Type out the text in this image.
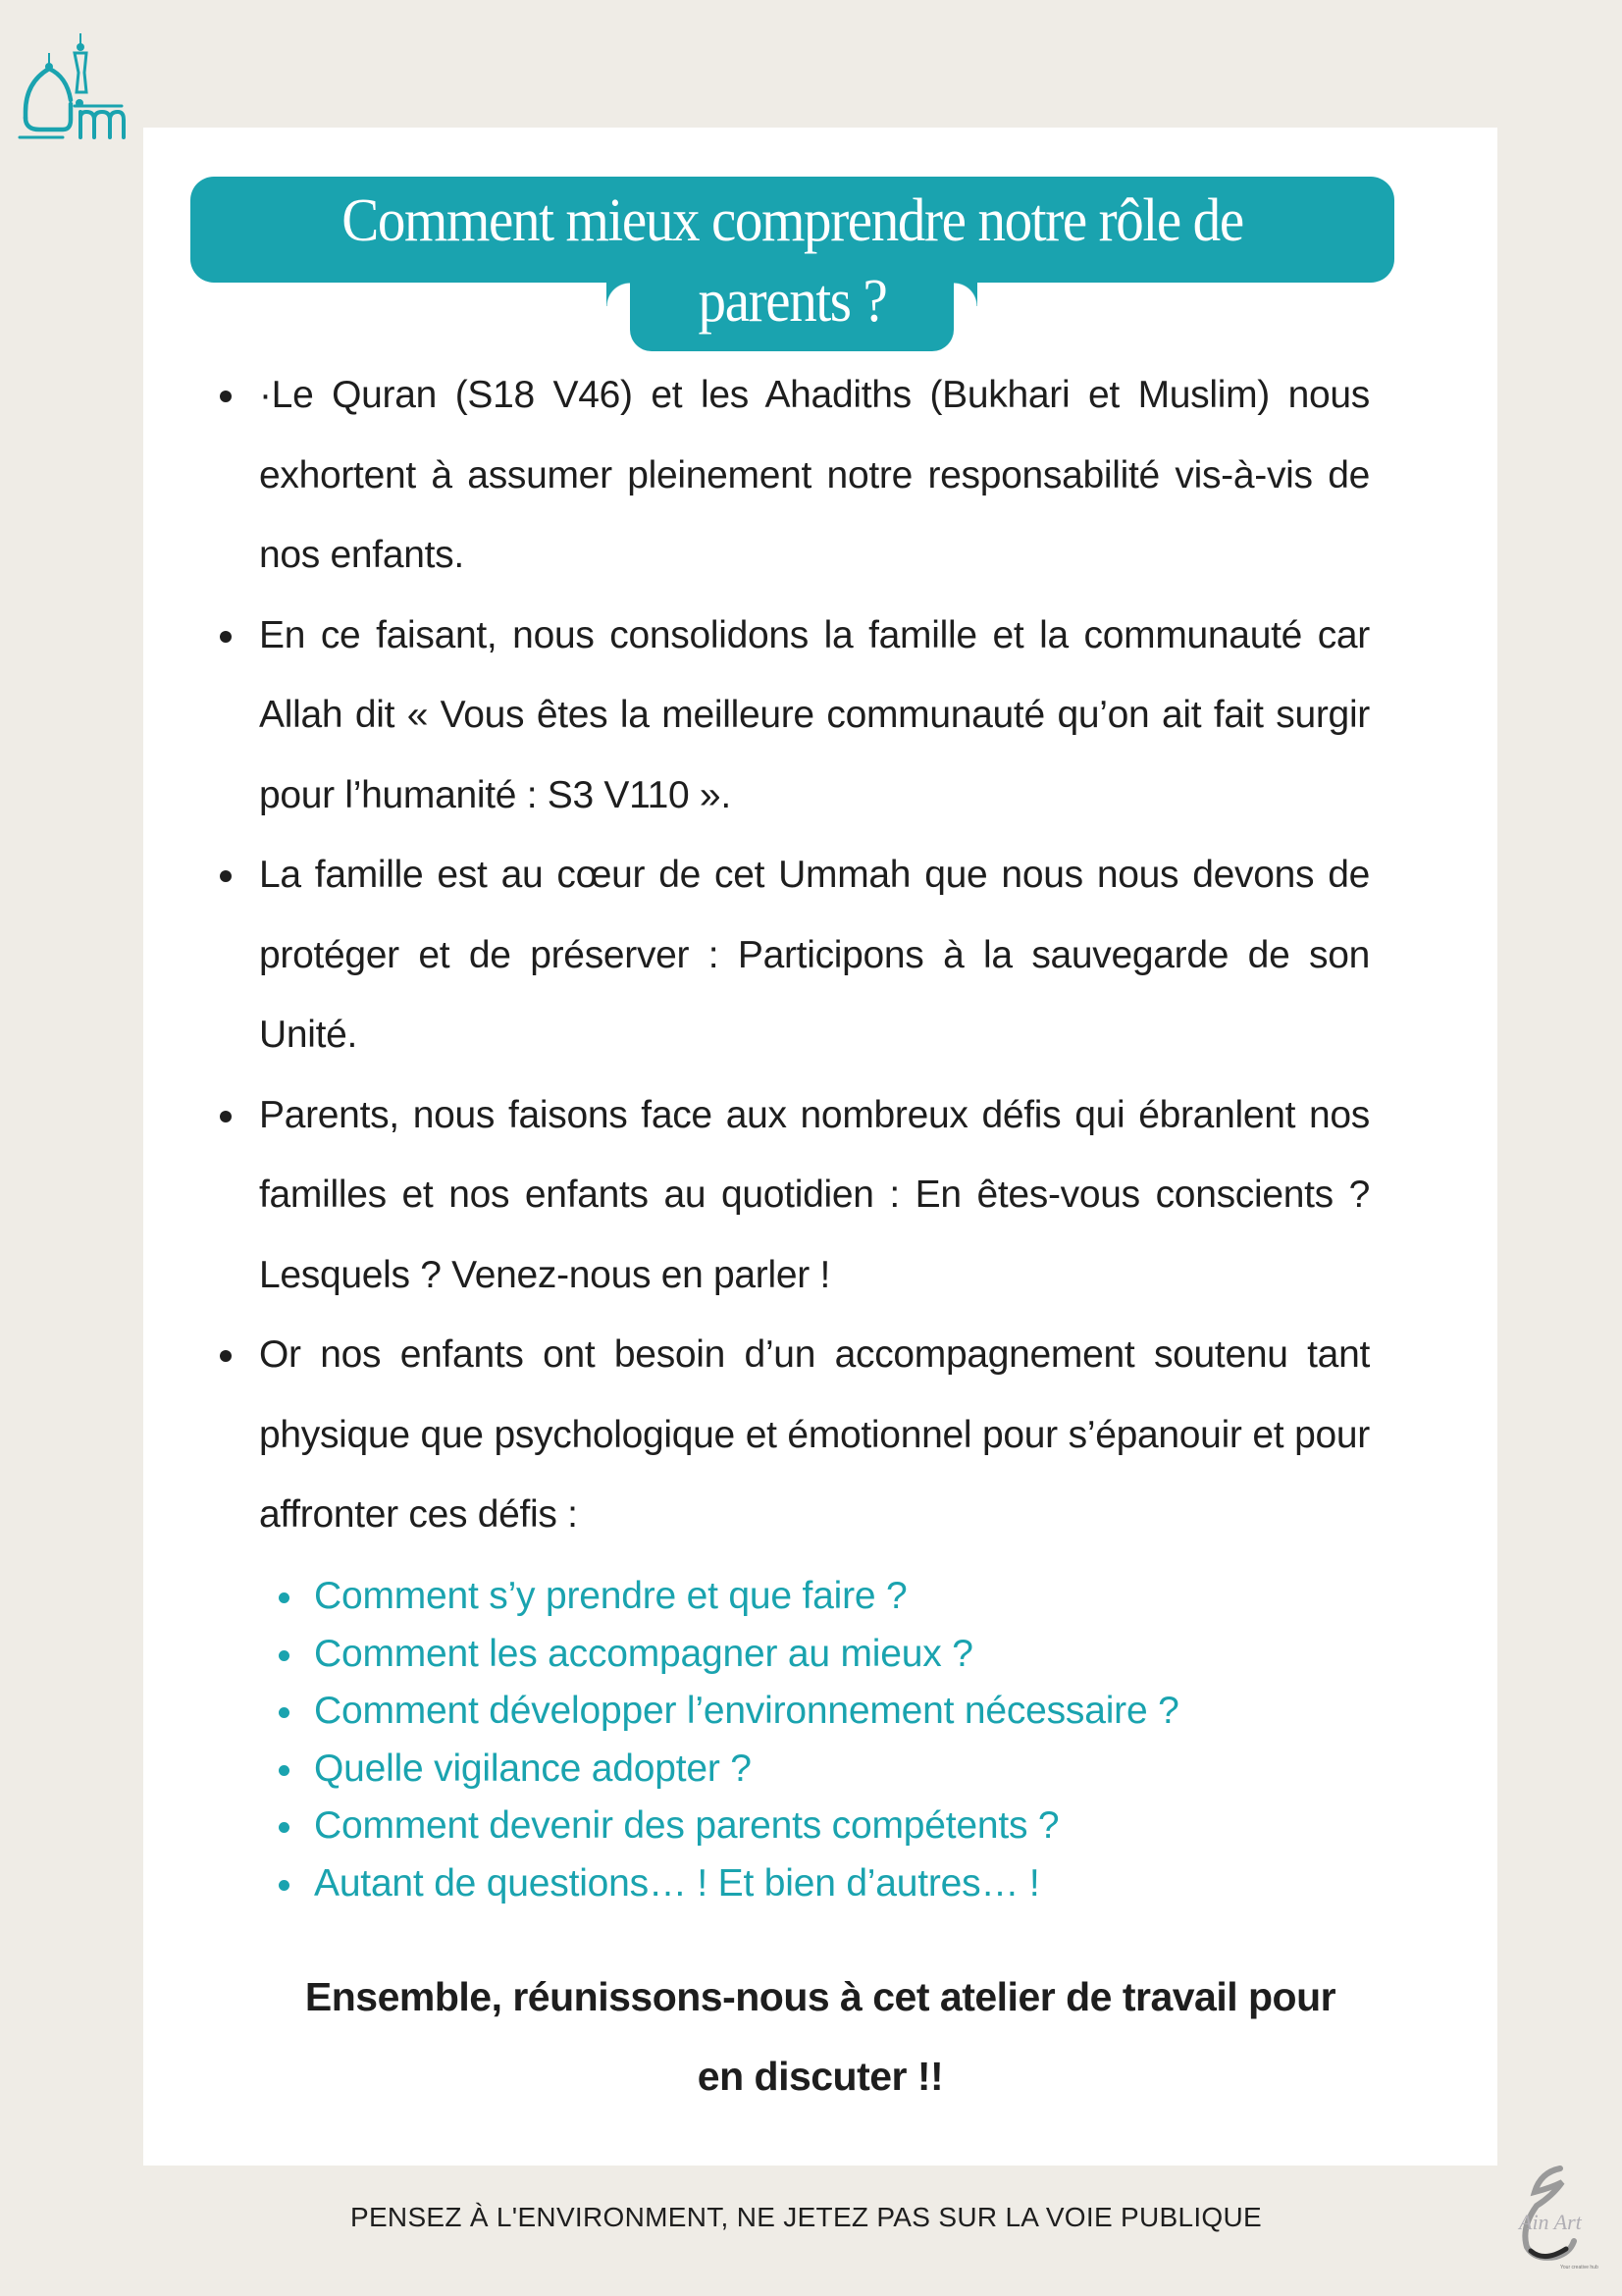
Comment mieux comprendre notre rôle de
parents ?
·Le Quran (S18 V46) et les Ahadiths (Bukhari et Muslim) nous exhortent à assumer pleinement notre responsabilité vis-à-vis de nos enfants.
En ce faisant, nous consolidons la famille et la communauté car Allah dit « Vous êtes la meilleure communauté qu’on ait fait surgir pour l’humanité : S3 V110 ».
La famille est au cœur de cet Ummah que nous nous devons de protéger et de préserver : Participons à la sauvegarde de son Unité.
Parents, nous faisons face aux nombreux défis qui ébranlent nos familles et nos enfants au quotidien : En êtes-vous conscients ? Lesquels ? Venez-nous en parler !
Or nos enfants ont besoin d’un accompagnement soutenu tant physique que psychologique et émotionnel pour s’épanouir et pour affronter ces défis :
Comment s’y prendre et que faire ?
Comment les accompagner au mieux ?
Comment développer l’environnement nécessaire ?
Quelle vigilance adopter ?
Comment devenir des parents compétents ?
Autant de questions… ! Et bien d’autres… !
Ensemble, réunissons-nous à cet atelier de travail pour
en discuter !!
PENSEZ À L'ENVIRONMENT, NE JETEZ PAS SUR LA VOIE PUBLIQUE	Ain Art
Your creative hub
